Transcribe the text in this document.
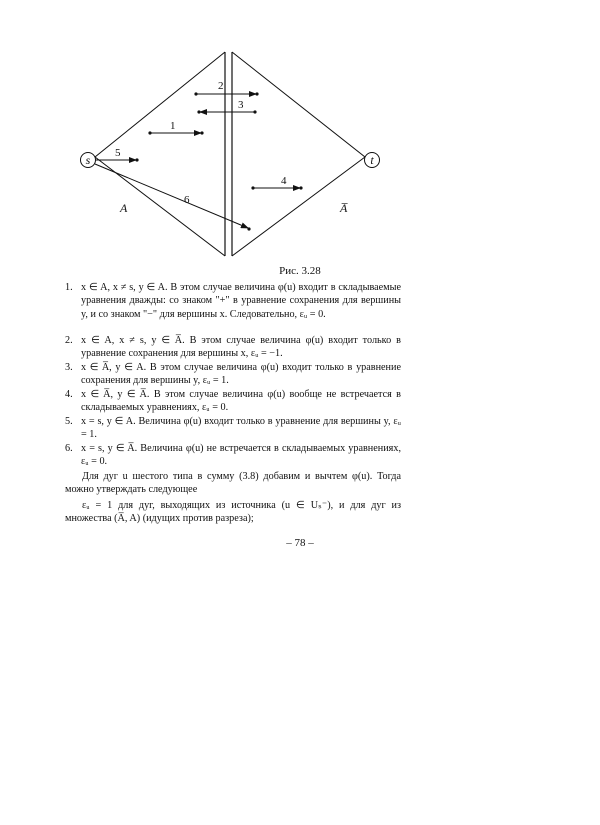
s	t
A	A̅
2
3
1
5
4
6
Рис. 3.28
1. x ∈ A, x ≠ s, y ∈ A. В этом случае величина φ(u) входит в складываемые уравнения дважды: со знаком "+" в уравнение сохранения для вершины y, и со знаком "−" для вершины x. Следовательно, εᵤ = 0.
2. x ∈ A, x ≠ s, y ∈ A̅. В этом случае величина φ(u) входит только в уравнение сохранения для вершины x, εᵤ = −1.
3. x ∈ A̅, y ∈ A. В этом случае величина φ(u) входит только в уравнение сохранения для вершины y, εᵤ = 1.
4. x ∈ A̅, y ∈ A̅. В этом случае величина φ(u) вообще не встречается в складываемых уравнениях, εᵤ = 0.
5. x = s, y ∈ A. Величина φ(u) входит только в уравнение для вершины y, εᵤ = 1.
6. x = s, y ∈ A̅. Величина φ(u) не встречается в складываемых уравнениях, εᵤ = 0.
Для дуг u шестого типа в сумму (3.8) добавим и вычтем φ(u). Тогда можно утверждать следующее
εᵤ = 1 для дуг, выходящих из источника (u ∈ Uₛ⁻), и для дуг из множества (A̅, A) (идущих против разреза);
– 78 –
